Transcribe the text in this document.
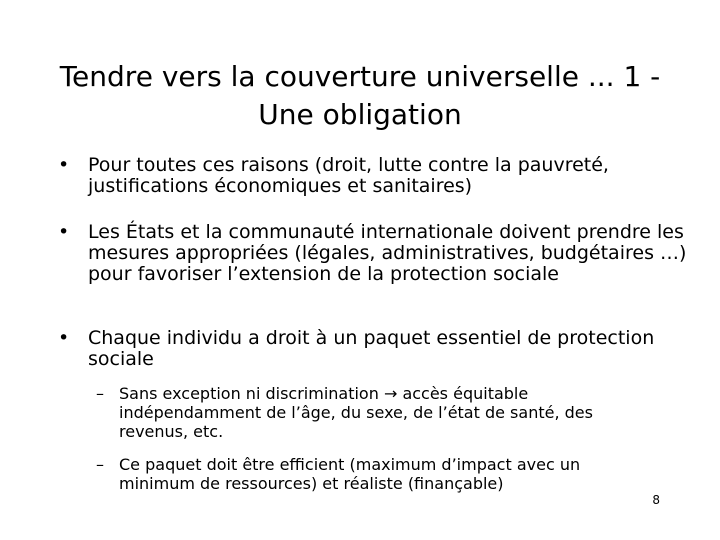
Tendre vers la couverture universelle ... 1 - Une obligation
• Pour toutes ces raisons (droit, lutte contre la pauvreté, justifications économiques et sanitaires)
• Les États et la communauté internationale doivent prendre les mesures appropriées (légales, administratives, budgétaires …) pour favoriser l’extension de la protection sociale
• Chaque individu a droit à un paquet essentiel de protection sociale
– Sans exception ni discrimination → accès équitable indépendamment de l’âge, du sexe, de l’état de santé, des revenus, etc.
– Ce paquet doit être efficient (maximum d’impact avec un minimum de ressources) et réaliste (finançable)
8
